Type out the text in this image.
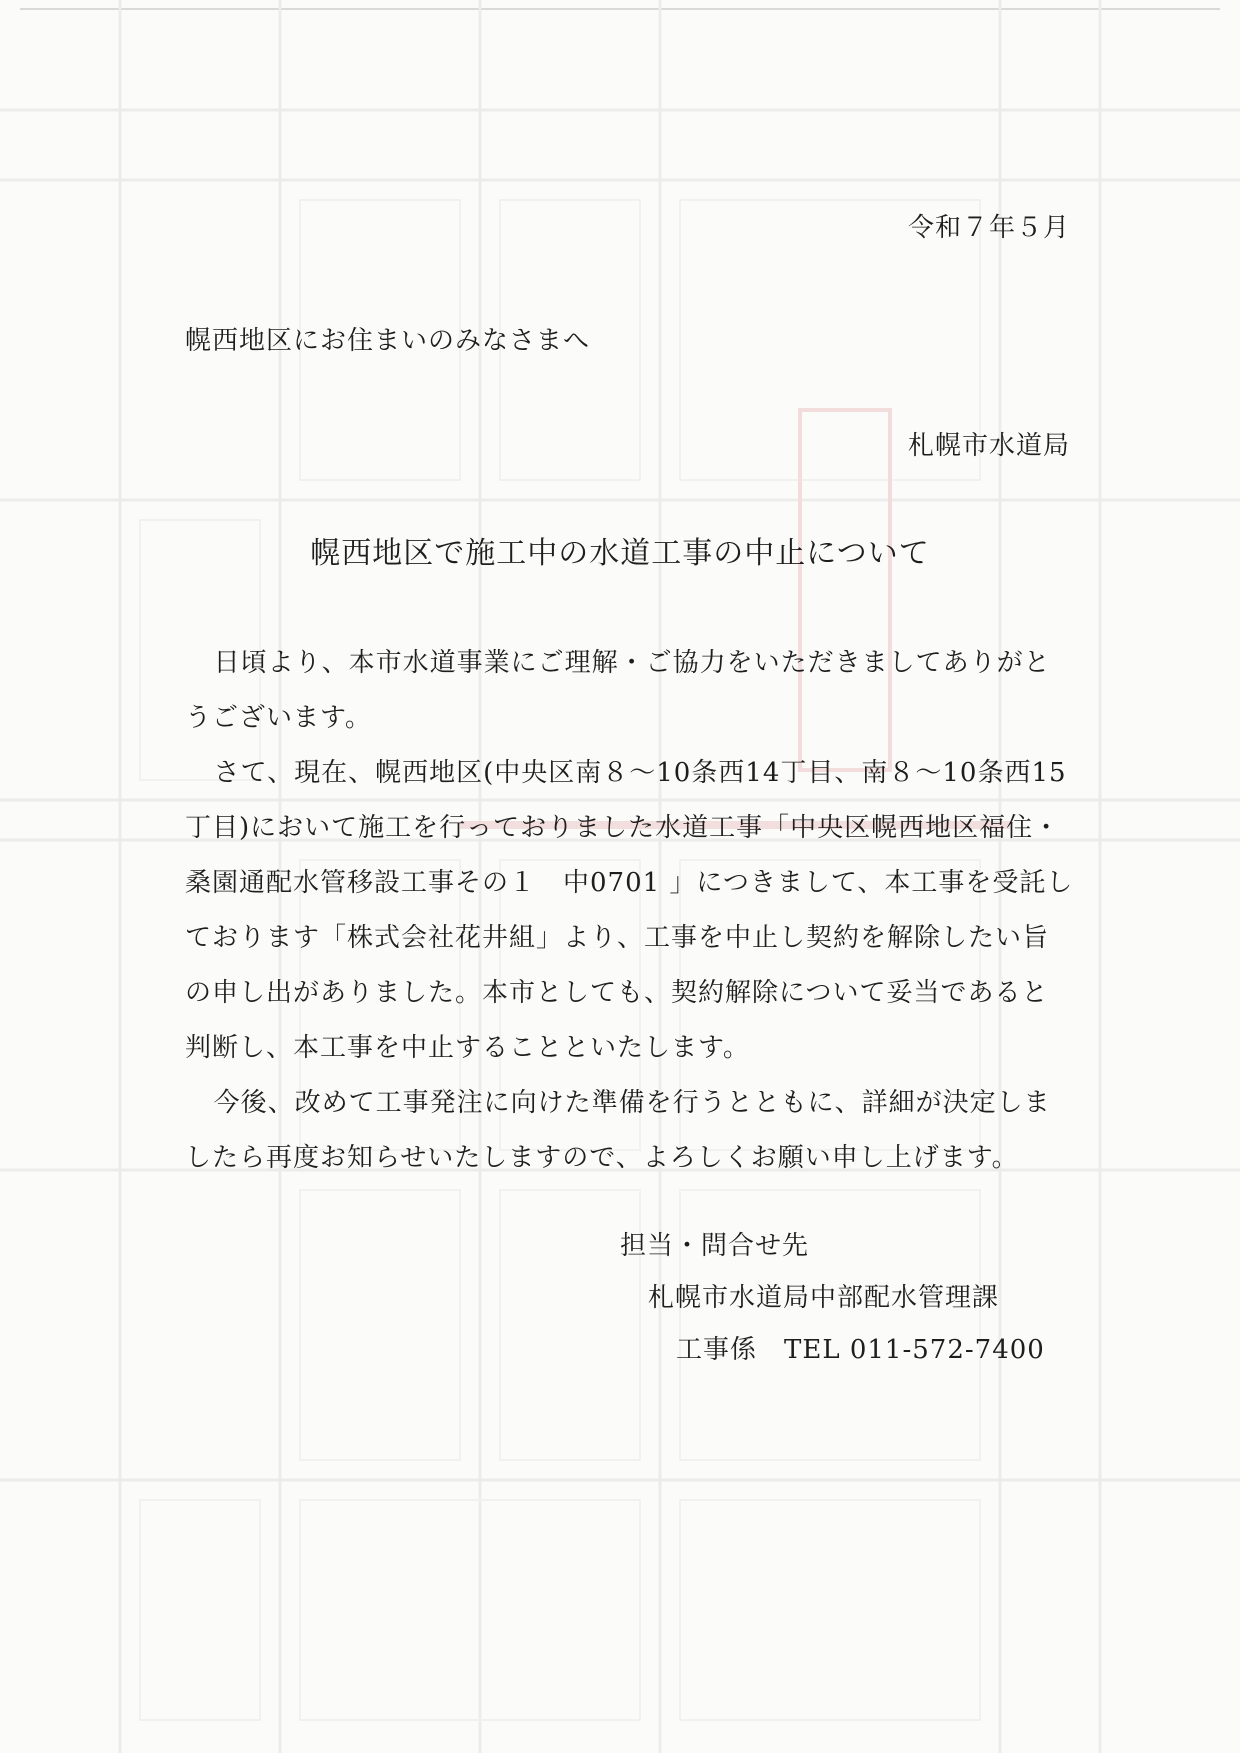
令和７年５月
幌西地区にお住まいのみなさまへ
札幌市水道局
幌西地区で施工中の水道工事の中止について

日頃より、本市水道事業にご理解・ご協力をいただきましてありがとうございます。

さて、現在、幌西地区(中央区南８～10条西14丁目、南８～10条西15丁目)において施工を行っておりました水道工事「中央区幌西地区福住・桑園通配水管移設工事その１　中0701 」につきまして、本工事を受託しております「株式会社花井組」より、工事を中止し契約を解除したい旨の申し出がありました。本市としても、契約解除について妥当であると判断し、本工事を中止することといたします。

今後、改めて工事発注に向けた準備を行うとともに、詳細が決定しましたら再度お知らせいたしますので、よろしくお願い申し上げます。

担当・問合せ先
札幌市水道局中部配水管理課
工事係　TEL 011-572-7400
